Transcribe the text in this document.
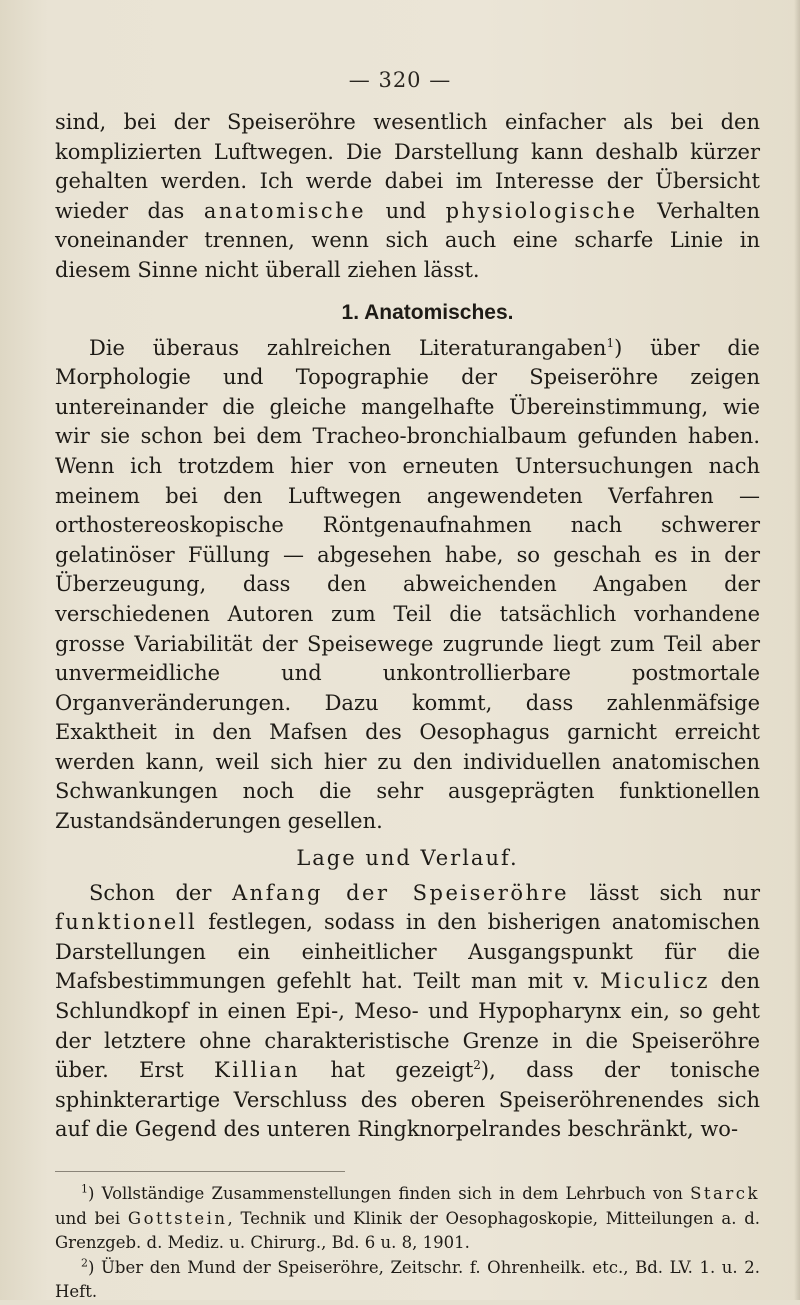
— 320 —

sind, bei der Speiseröhre wesentlich einfacher als bei den komplizierten Luftwegen. Die Darstellung kann deshalb kürzer gehalten werden. Ich werde dabei im Interesse der Übersicht wieder das anatomische und physiologische Verhalten voneinander trennen, wenn sich auch eine scharfe Linie in diesem Sinne nicht überall ziehen lässt.

1. Anatomisches.

Die überaus zahlreichen Literaturangaben$^1$) über die Morphologie und Topographie der Speiseröhre zeigen untereinander die gleiche mangelhafte Übereinstimmung, wie wir sie schon bei dem Tracheo-bronchialbaum gefunden haben. Wenn ich trotzdem hier von erneuten Untersuchungen nach meinem bei den Luftwegen angewendeten Verfahren — orthostereoskopische Röntgenaufnahmen nach schwerer gelatinöser Füllung — abgesehen habe, so geschah es in der Überzeugung, dass den abweichenden Angaben der verschiedenen Autoren zum Teil die tatsächlich vorhandene grosse Variabilität der Speisewege zugrunde liegt zum Teil aber unvermeidliche und unkontrollierbare postmortale Organveränderungen. Dazu kommt, dass zahlenmäfsige Exaktheit in den Mafsen des Oesophagus garnicht erreicht werden kann, weil sich hier zu den individuellen anatomischen Schwankungen noch die sehr ausgeprägten funktionellen Zustandsänderungen gesellen.

Lage und Verlauf.

Schon der Anfang der Speiseröhre lässt sich nur funktionell festlegen, sodass in den bisherigen anatomischen Darstellungen ein einheitlicher Ausgangspunkt für die Mafsbestimmungen gefehlt hat. Teilt man mit v. Miculicz den Schlundkopf in einen Epi-, Meso- und Hypopharynx ein, so geht der letztere ohne charakteristische Grenze in die Speiseröhre über. Erst Killian hat gezeigt$^2$), dass der tonische sphinkterartige Verschluss des oberen Speiseröhrenendes sich auf die Gegend des unteren Ringknorpelrandes beschränkt, wo-

$^1$) Vollständige Zusammenstellungen finden sich in dem Lehrbuch von Starck und bei Gottstein, Technik und Klinik der Oesophagoskopie, Mitteilungen a. d. Grenzgeb. d. Mediz. u. Chirurg., Bd. 6 u. 8, 1901.

$^2$) Über den Mund der Speiseröhre, Zeitschr. f. Ohrenheilk. etc., Bd. LV. 1. u. 2. Heft.
